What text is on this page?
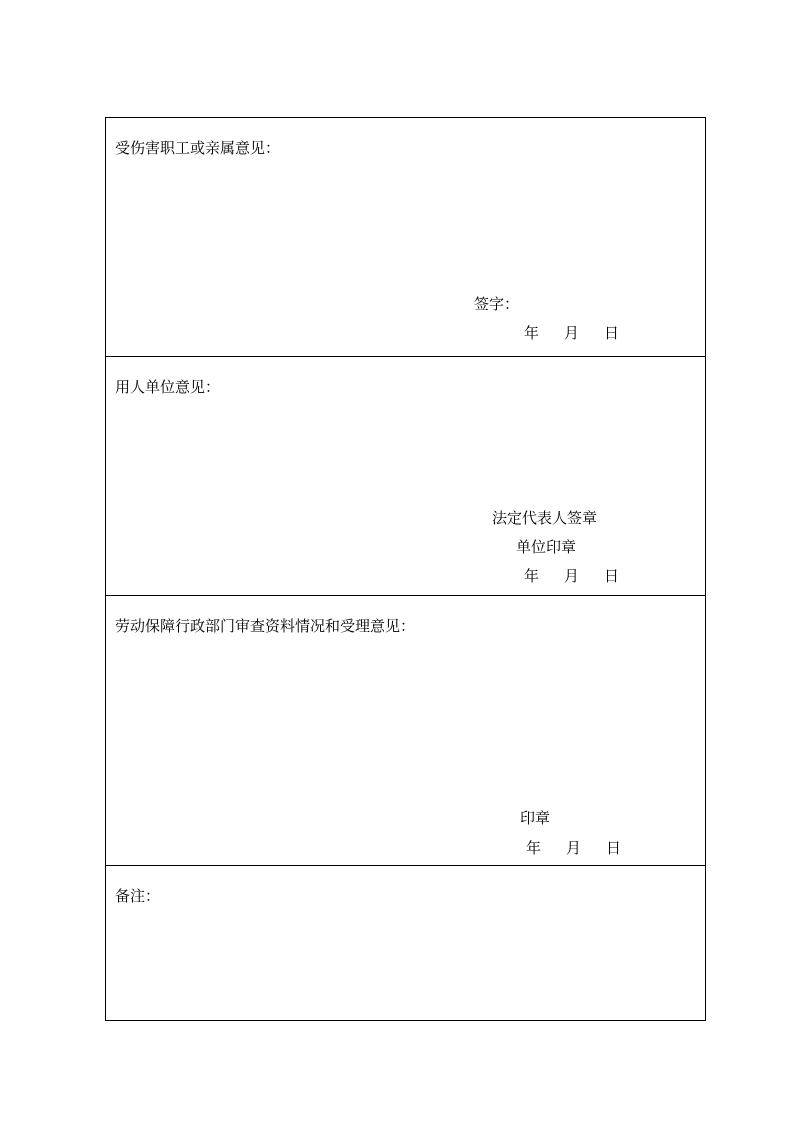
受伤害职工或亲属意见：
签字：
年 月 日
用人单位意见：
法定代表人签章
单位印章
年 月 日
劳动保障行政部门审查资料情况和受理意见：
印章
年 月 日
备注：
